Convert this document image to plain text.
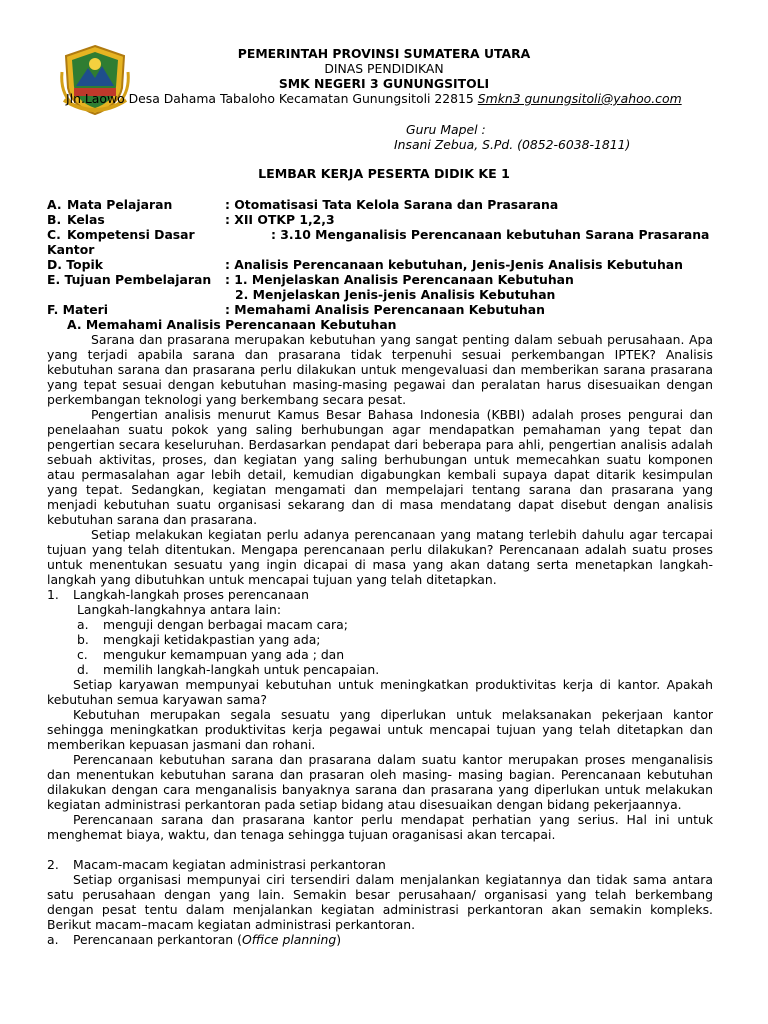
PEMERINTAH PROVINSI SUMATERA UTARA
DINAS PENDIDIKAN
SMK NEGERI 3 GUNUNGSITOLI
Jln.Laowo Desa Dahama Tabaloho Kecamatan Gunungsitoli 22815 Smkn3 gunungsitoli@yahoo.com
Guru Mapel :
Insani Zebua, S.Pd. (0852-6038-1811)
LEMBAR KERJA PESERTA DIDIK KE 1
A. Mata Pelajaran	: Otomatisasi Tata Kelola Sarana dan Prasarana
B. Kelas	: XII OTKP 1,2,3
C. Kompetensi Dasar	: 3.10 Menganalisis Perencanaan kebutuhan Sarana Prasarana
Kantor
D. Topik	: Analisis Perencanaan kebutuhan, Jenis-Jenis Analisis Kebutuhan
E. Tujuan Pembelajaran	: 1. Menjelaskan Analisis Perencanaan Kebutuhan
2. Menjelaskan Jenis-jenis Analisis Kebutuhan
F. Materi	: Memahami Analisis Perencanaan Kebutuhan
A. Memahami Analisis Perencanaan Kebutuhan

Sarana dan prasarana merupakan kebutuhan yang sangat penting dalam sebuah perusahaan. Apa yang terjadi apabila sarana dan prasarana tidak terpenuhi sesuai perkembangan IPTEK? Analisis kebutuhan sarana dan prasarana perlu dilakukan untuk mengevaluasi dan memberikan sarana prasarana yang tepat sesuai dengan kebutuhan masing-masing pegawai dan peralatan harus disesuaikan dengan perkembangan teknologi yang berkembang secara pesat.

Pengertian analisis menurut Kamus Besar Bahasa Indonesia (KBBI) adalah proses pengurai dan penelaahan suatu pokok yang saling berhubungan agar mendapatkan pemahaman yang tepat dan pengertian secara keseluruhan. Berdasarkan pendapat dari beberapa para ahli, pengertian analisis adalah sebuah aktivitas, proses, dan kegiatan yang saling berhubungan untuk memecahkan suatu komponen atau permasalahan agar lebih detail, kemudian digabungkan kembali supaya dapat ditarik kesimpulan yang tepat. Sedangkan, kegiatan mengamati dan mempelajari tentang sarana dan prasarana yang menjadi kebutuhan suatu organisasi sekarang dan di masa mendatang dapat disebut dengan analisis kebutuhan sarana dan prasarana.

Setiap melakukan kegiatan perlu adanya perencanaan yang matang terlebih dahulu agar tercapai tujuan yang telah ditentukan. Mengapa perencanaan perlu dilakukan? Perencanaan adalah suatu proses untuk menentukan sesuatu yang ingin dicapai di masa yang akan datang serta menetapkan langkah-langkah yang dibutuhkan untuk mencapai tujuan yang telah ditetapkan.

1.	Langkah-langkah proses perencanaan
Langkah-langkahnya antara lain:
a.	menguji dengan berbagai macam cara;
b.	mengkaji ketidakpastian yang ada;
c.	mengukur kemampuan yang ada ; dan
d.	memilih langkah-langkah untuk pencapaian.

Setiap karyawan mempunyai kebutuhan untuk meningkatkan produktivitas kerja di kantor. Apakah kebutuhan semua karyawan sama?

Kebutuhan merupakan segala sesuatu yang diperlukan untuk melaksanakan pekerjaan kantor sehingga meningkatkan produktivitas kerja pegawai untuk mencapai tujuan yang telah ditetapkan dan memberikan kepuasan jasmani dan rohani.

Perencanaan kebutuhan sarana dan prasarana dalam suatu kantor merupakan proses menganalisis dan menentukan kebutuhan sarana dan prasaran oleh masing- masing bagian. Perencanaan kebutuhan dilakukan dengan cara menganalisis banyaknya sarana dan prasarana yang diperlukan untuk melakukan kegiatan administrasi perkantoran pada setiap bidang atau disesuaikan dengan bidang pekerjaannya.

Perencanaan sarana dan prasarana kantor perlu mendapat perhatian yang serius. Hal ini untuk menghemat biaya, waktu, dan tenaga sehingga tujuan oraganisasi akan tercapai.

2.	Macam-macam kegiatan administrasi perkantoran

Setiap organisasi mempunyai ciri tersendiri dalam menjalankan kegiatannya dan tidak sama antara satu perusahaan dengan yang lain. Semakin besar perusahaan/ organisasi yang telah berkembang dengan pesat tentu dalam menjalankan kegiatan administrasi perkantoran akan semakin kompleks. Berikut macam–macam kegiatan administrasi perkantoran.

a.	Perencanaan perkantoran (Office planning)
